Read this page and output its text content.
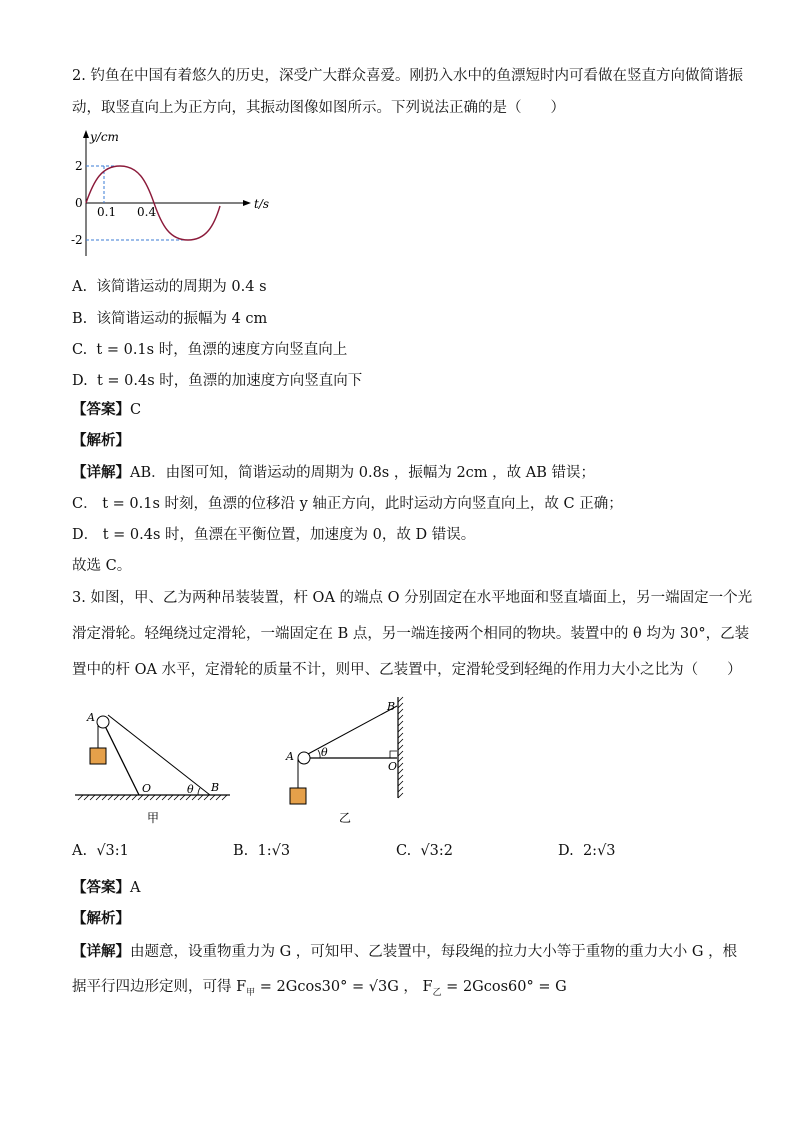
2. 钓鱼在中国有着悠久的历史，深受广大群众喜爱。刚扔入水中的鱼漂短时内可看做在竖直方向做简谐振
动，取竖直向上为正方向，其振动图像如图所示。下列说法正确的是（　　）
y/cm
t/s
2
0
-2
0.1 0.4
A. 该简谐运动的周期为 0.4 s
B. 该简谐运动的振幅为 4 cm
C. t = 0.1s 时，鱼漂的速度方向竖直向上
D. t = 0.4s 时，鱼漂的加速度方向竖直向下
【答案】C
【解析】
【详解】AB．由图可知，简谐运动的周期为 0.8s ，振幅为 2cm ，故 AB 错误；
C． t = 0.1s 时刻，鱼漂的位移沿 y 轴正方向，此时运动方向竖直向上，故 C 正确；
D． t = 0.4s 时，鱼漂在平衡位置，加速度为 0，故 D 错误。
故选 C。
3. 如图，甲、乙为两种吊装装置，杆 OA 的端点 O 分别固定在水平地面和竖直墙面上，另一端固定一个光
滑定滑轮。轻绳绕过定滑轮，一端固定在 B 点，另一端连接两个相同的物块。装置中的 θ 均为 30°，乙装
置中的杆 OA 水平，定滑轮的质量不计，则甲、乙装置中，定滑轮受到轻绳的作用力大小之比为（　　）
A
O	θ B
甲
B
A θ
O
乙
A. √3:1	B. 1:√3	C. √3:2	D. 2:√3
【答案】A
【解析】
【详解】由题意，设重物重力为 G ，可知甲、乙装置中，每段绳的拉力大小等于重物的重力大小 G ，根
据平行四边形定则，可得 $F_甲 = 2Gcos30^\circ = √3G$ ， $F_乙 = 2Gcos60^\circ = G$
